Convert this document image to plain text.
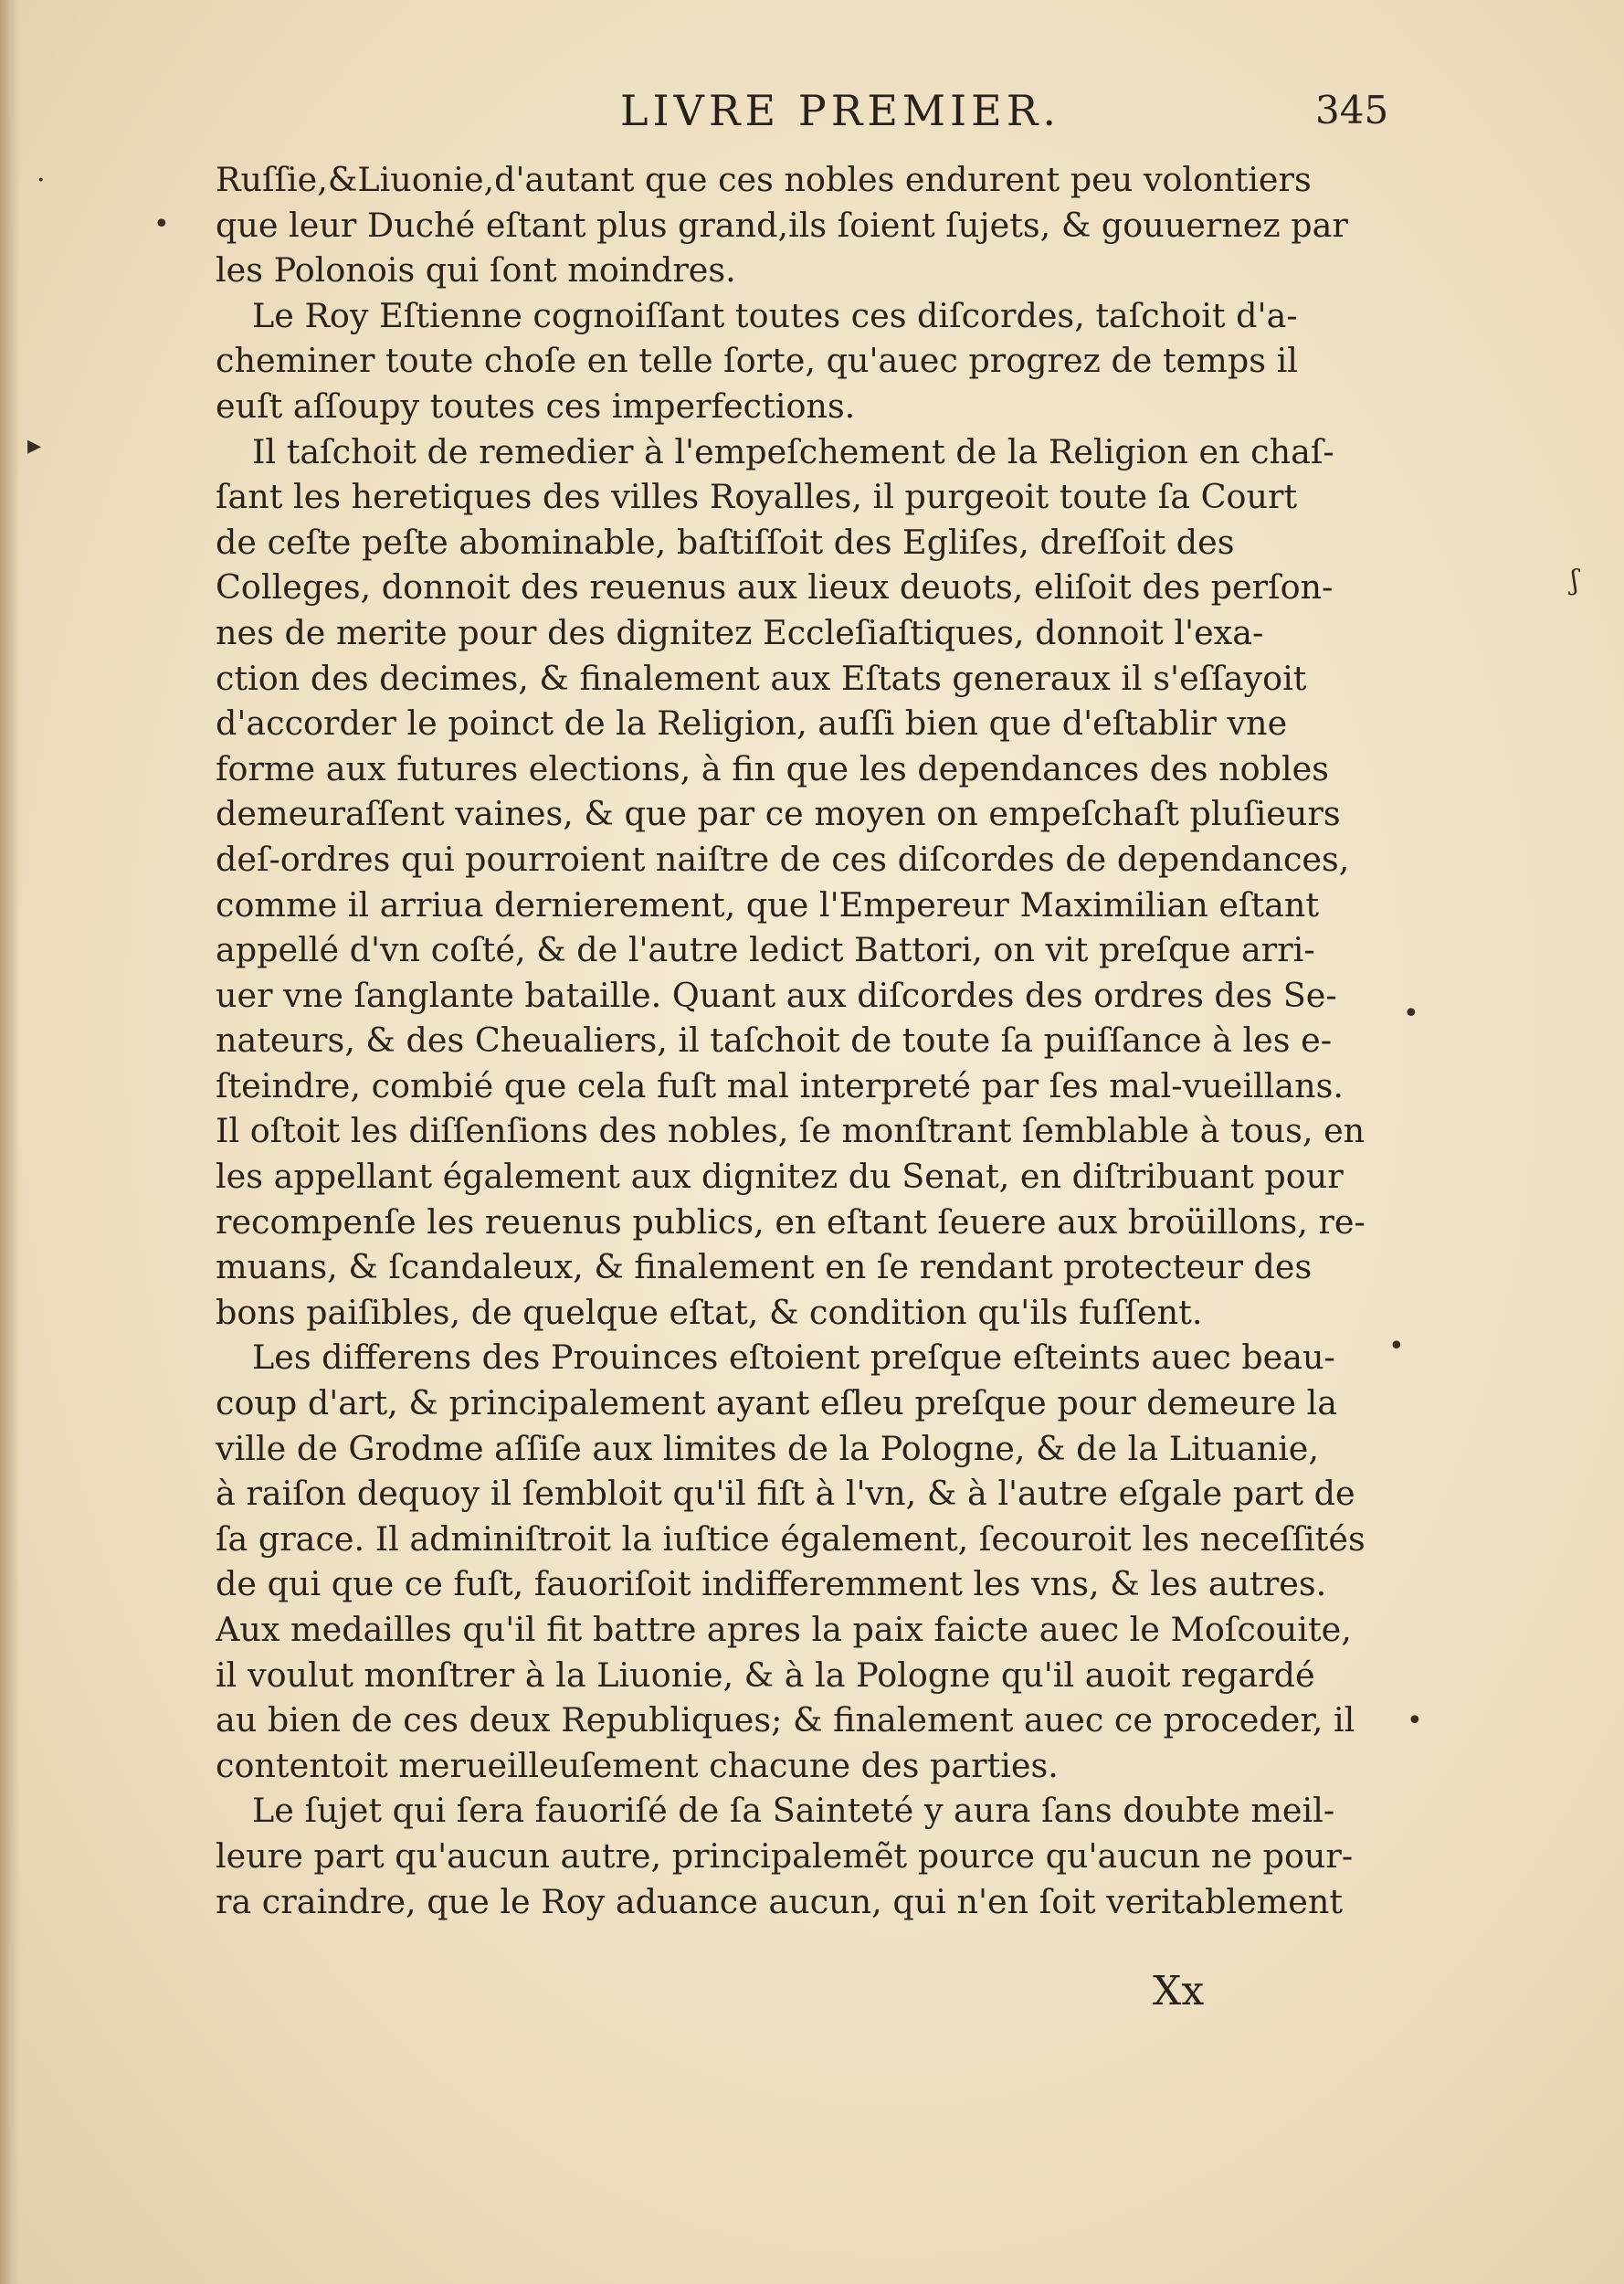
·
•
▸
ʃ
•
•
•
LIVRE PREMIER.	345
Ruſſie,&Liuonie,d'autant que ces nobles endurent peu volontiers
que leur Duché eſtant plus grand,ils ſoient ſujets, & gouuernez par
les Polonois qui ſont moindres.
Le Roy Eſtienne cognoiſſant toutes ces diſcordes, taſchoit d'a-
cheminer toute choſe en telle ſorte, qu'auec progrez de temps il
euſt aſſoupy toutes ces imperfections.
Il taſchoit de remedier à l'empeſchement de la Religion en chaſ-
ſant les heretiques des villes Royalles, il purgeoit toute ſa Court
de ceſte peſte abominable, baſtiſſoit des Egliſes, dreſſoit des
Colleges, donnoit des reuenus aux lieux deuots, eliſoit des perſon-
nes de merite pour des dignitez Eccleſiaſtiques, donnoit l'exa-
ction des decimes, & finalement aux Eſtats generaux il s'eſſayoit
d'accorder le poinct de la Religion, auſſi bien que d'eſtablir vne
forme aux futures elections, à fin que les dependances des nobles
demeuraſſent vaines, & que par ce moyen on empeſchaſt pluſieurs
deſ-ordres qui pourroient naiſtre de ces diſcordes de dependances,
comme il arriua dernierement, que l'Empereur Maximilian eſtant
appellé d'vn coſté, & de l'autre ledict Battori, on vit preſque arri-
uer vne ſanglante bataille. Quant aux diſcordes des ordres des Se-
nateurs, & des Cheualiers, il taſchoit de toute ſa puiſſance à les e-
ſteindre, combié que cela fuſt mal interpreté par ſes mal-vueillans.
Il oſtoit les diſſenſions des nobles, ſe monſtrant ſemblable à tous, en
les appellant également aux dignitez du Senat, en diſtribuant pour
recompenſe les reuenus publics, en eſtant ſeuere aux broüillons, re-
muans, & ſcandaleux, & finalement en ſe rendant protecteur des
bons paiſibles, de quelque eſtat, & condition qu'ils fuſſent.
Les differens des Prouinces eſtoient preſque eſteints auec beau-
coup d'art, & principalement ayant eſleu preſque pour demeure la
ville de Grodme aſſiſe aux limites de la Pologne, & de la Lituanie,
à raiſon dequoy il ſembloit qu'il fiſt à l'vn, & à l'autre eſgale part de
ſa grace. Il adminiſtroit la iuſtice également, ſecouroit les neceſſités
de qui que ce fuſt, fauoriſoit indifferemment les vns, & les autres.
Aux medailles qu'il fit battre apres la paix faicte auec le Moſcouite,
il voulut monſtrer à la Liuonie, & à la Pologne qu'il auoit regardé
au bien de ces deux Republiques; & finalement auec ce proceder, il
contentoit merueilleuſement chacune des parties.
Le ſujet qui ſera fauoriſé de ſa Sainteté y aura ſans doubte meil-
leure part qu'aucun autre, principalemẽt pource qu'aucun ne pour-
ra craindre, que le Roy aduance aucun, qui n'en ſoit veritablement
Xx
